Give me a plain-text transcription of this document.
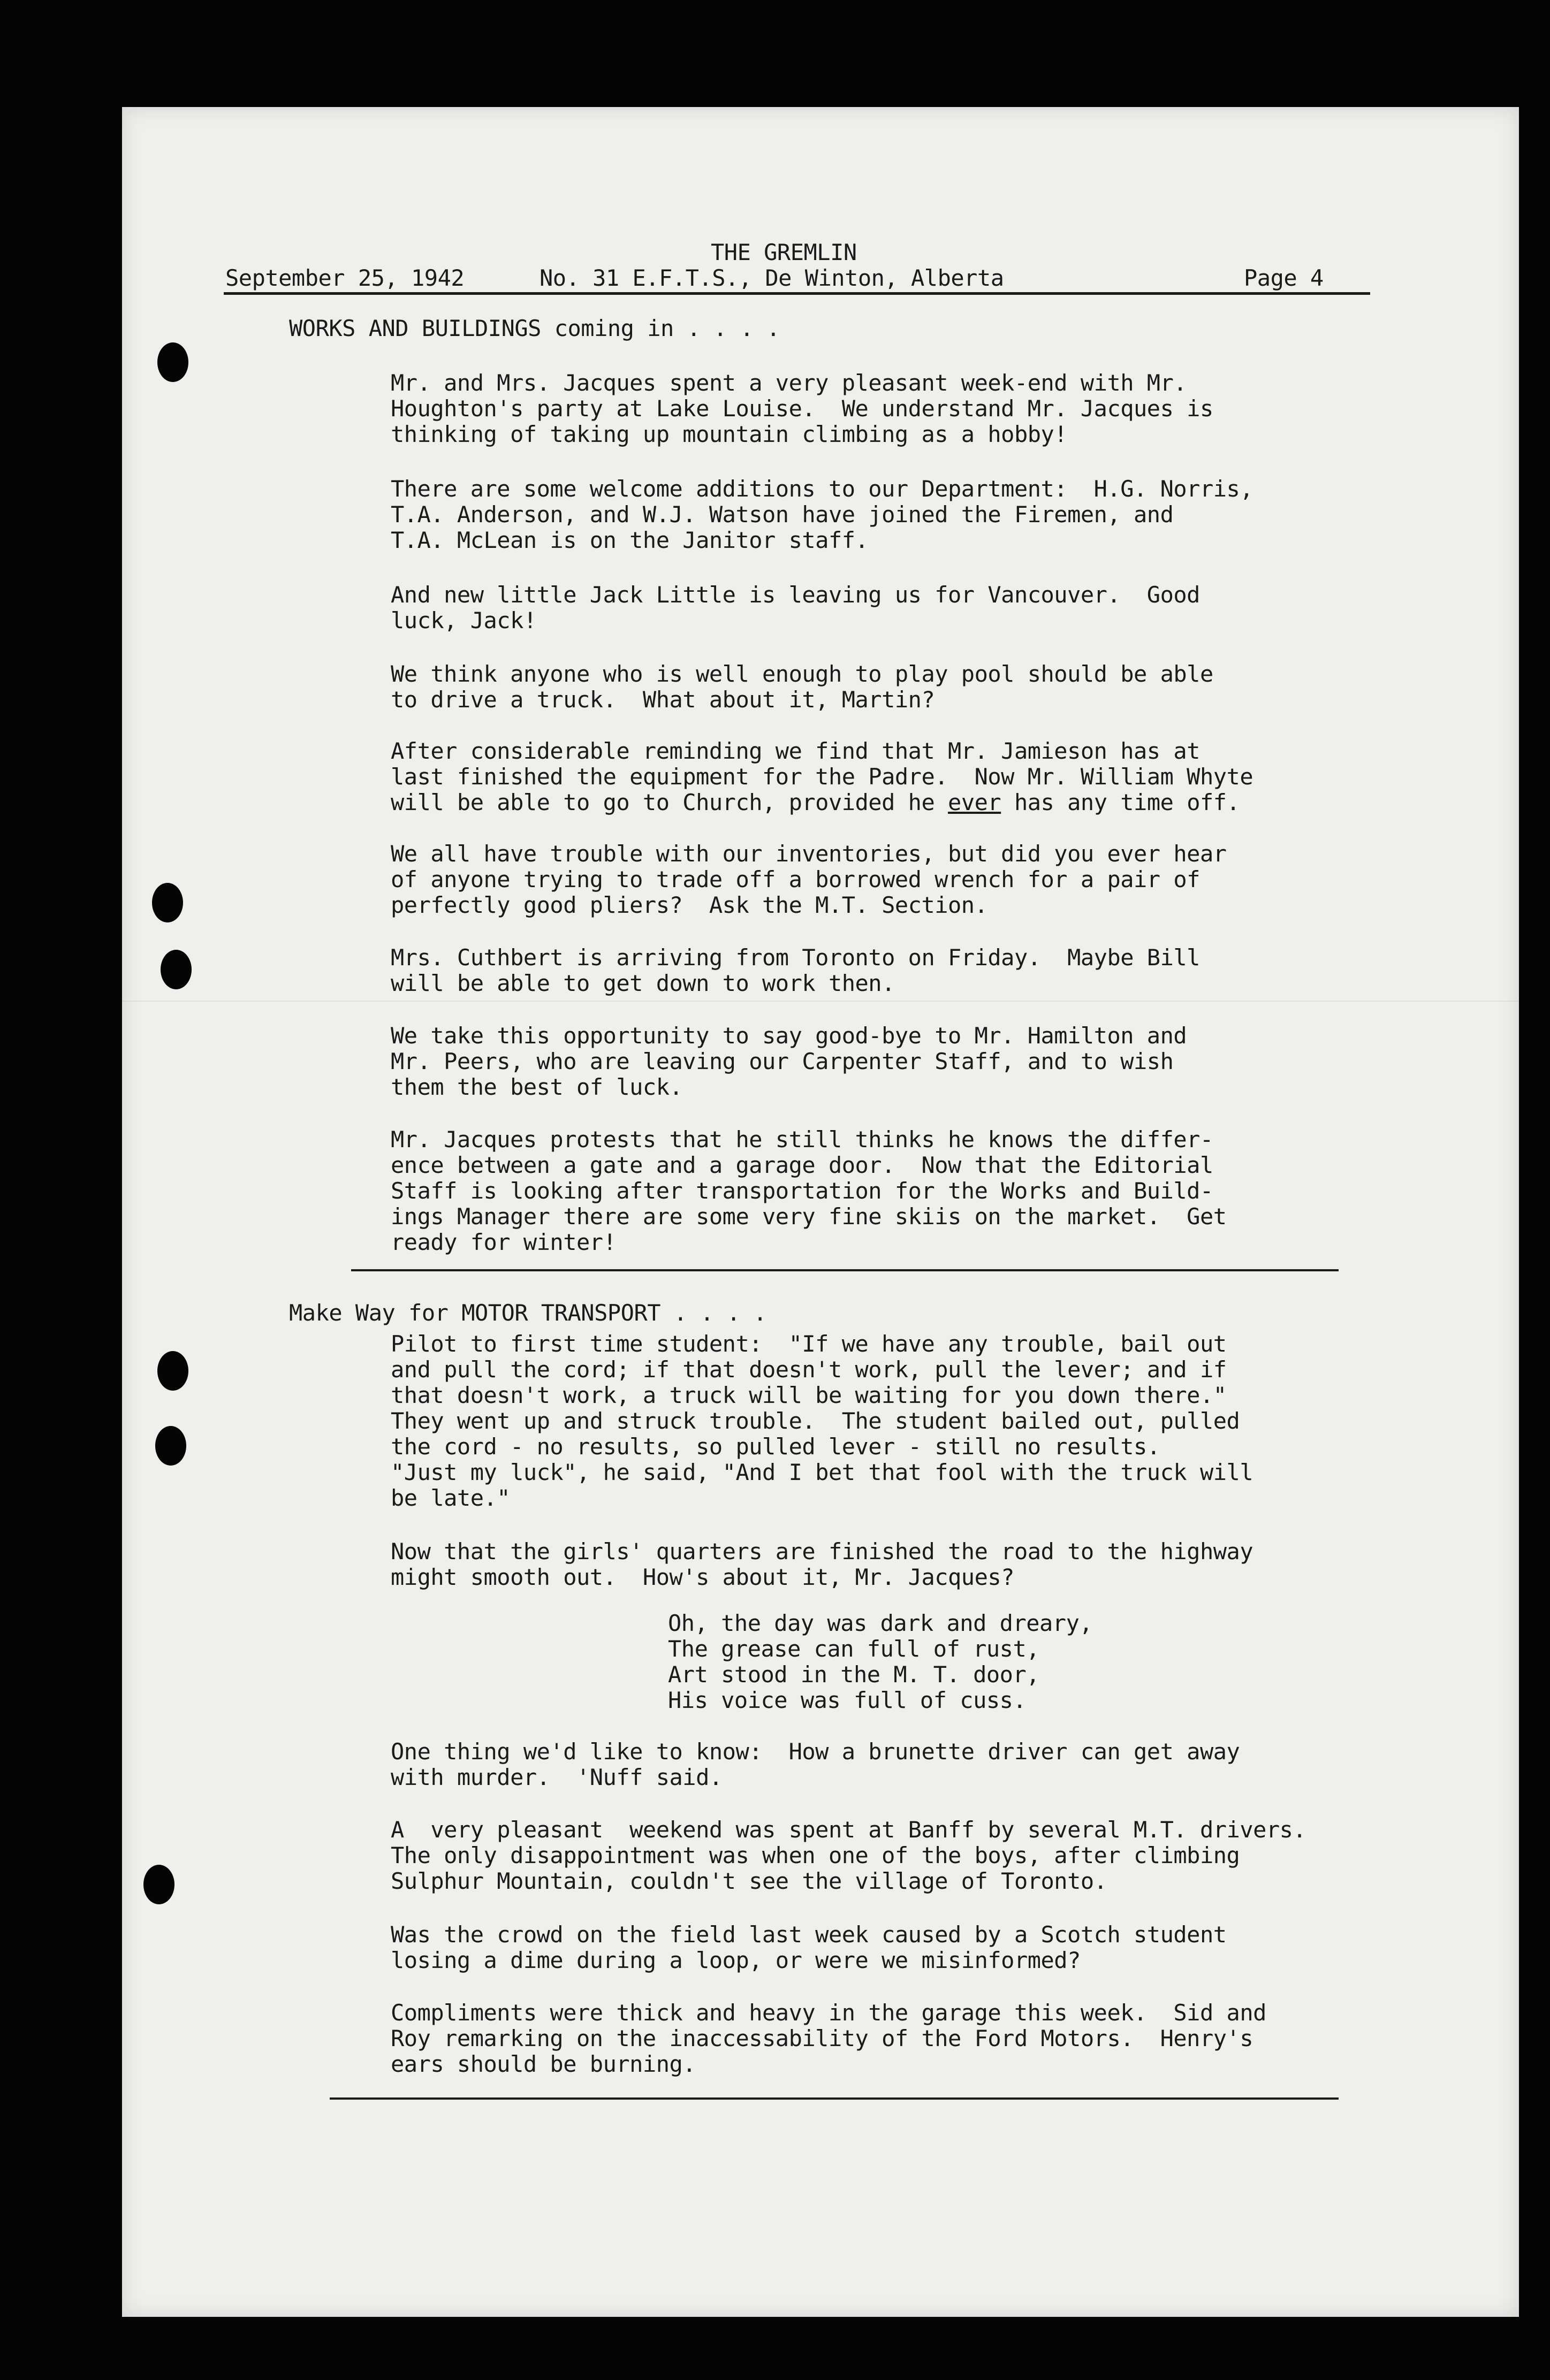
THE GREMLIN
September 25, 1942	No. 31 E.F.T.S., De Winton, Alberta	Page 4
WORKS AND BUILDINGS coming in . . . .
Mr. and Mrs. Jacques spent a very pleasant week-end with Mr.
Houghton's party at Lake Louise.  We understand Mr. Jacques is
thinking of taking up mountain climbing as a hobby!
There are some welcome additions to our Department:  H.G. Norris,
T.A. Anderson, and W.J. Watson have joined the Firemen, and
T.A. McLean is on the Janitor staff.
And new little Jack Little is leaving us for Vancouver.  Good
luck, Jack!
We think anyone who is well enough to play pool should be able
to drive a truck.  What about it, Martin?
After considerable reminding we find that Mr. Jamieson has at
last finished the equipment for the Padre.  Now Mr. William Whyte
will be able to go to Church, provided he ever has any time off.
We all have trouble with our inventories, but did you ever hear
of anyone trying to trade off a borrowed wrench for a pair of
perfectly good pliers?  Ask the M.T. Section.
Mrs. Cuthbert is arriving from Toronto on Friday.  Maybe Bill
will be able to get down to work then.
We take this opportunity to say good-bye to Mr. Hamilton and
Mr. Peers, who are leaving our Carpenter Staff, and to wish
them the best of luck.
Mr. Jacques protests that he still thinks he knows the differ-
ence between a gate and a garage door.  Now that the Editorial
Staff is looking after transportation for the Works and Build-
ings Manager there are some very fine skiis on the market.  Get
ready for winter!
Make Way for MOTOR TRANSPORT . . . .
Pilot to first time student:  "If we have any trouble, bail out
and pull the cord; if that doesn't work, pull the lever; and if
that doesn't work, a truck will be waiting for you down there."
They went up and struck trouble.  The student bailed out, pulled
the cord - no results, so pulled lever - still no results.
"Just my luck", he said, "And I bet that fool with the truck will
be late."
Now that the girls' quarters are finished the road to the highway
might smooth out.  How's about it, Mr. Jacques?
Oh, the day was dark and dreary,
The grease can full of rust,
Art stood in the M. T. door,
His voice was full of cuss.
One thing we'd like to know:  How a brunette driver can get away
with murder.  'Nuff said.
A  very pleasant  weekend was spent at Banff by several M.T. drivers.
The only disappointment was when one of the boys, after climbing
Sulphur Mountain, couldn't see the village of Toronto.
Was the crowd on the field last week caused by a Scotch student
losing a dime during a loop, or were we misinformed?
Compliments were thick and heavy in the garage this week.  Sid and
Roy remarking on the inaccessability of the Ford Motors.  Henry's
ears should be burning.
